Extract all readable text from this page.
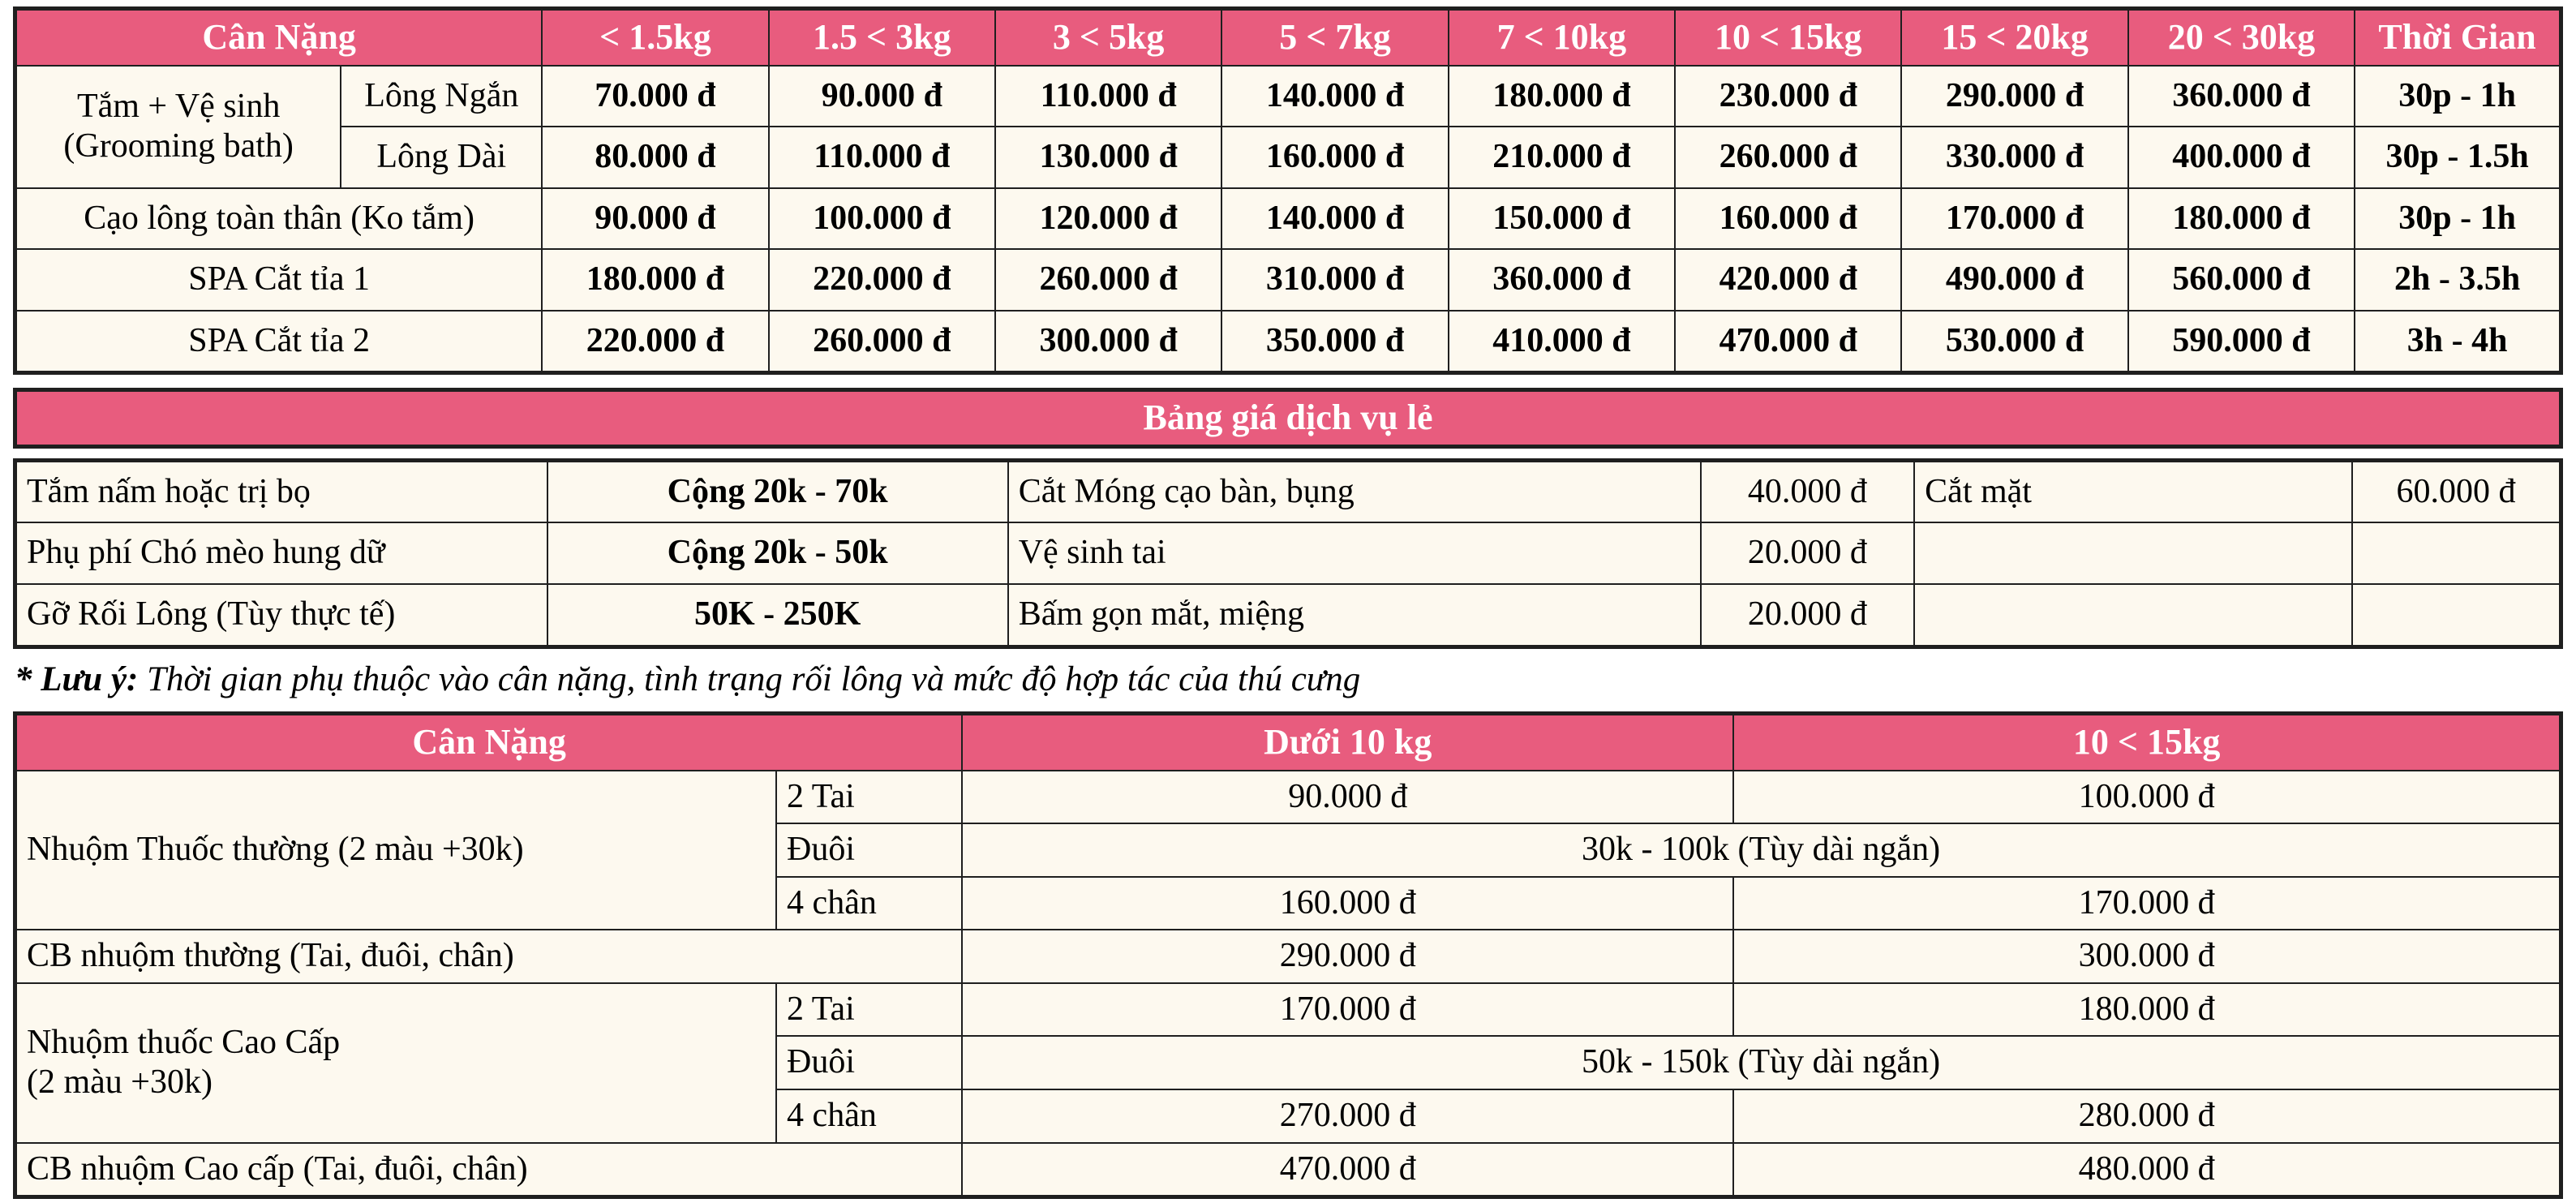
Cân Nặng		< 1.5kg	1.5 < 3kg	3 < 5kg	5 < 7kg	7 < 10kg	10 < 15kg	15 < 20kg	20 < 30kg	Thời Gian
Tắm + Vệ sinh
(Grooming bath)	Lông Ngắn	70.000 đ	90.000 đ	110.000 đ	140.000 đ	180.000 đ	230.000 đ	290.000 đ	360.000 đ	30p - 1h
	Lông Dài	80.000 đ	110.000 đ	130.000 đ	160.000 đ	210.000 đ	260.000 đ	330.000 đ	400.000 đ	30p - 1.5h
Cạo lông toàn thân (Ko tắm)		90.000 đ	100.000 đ	120.000 đ	140.000 đ	150.000 đ	160.000 đ	170.000 đ	180.000 đ	30p - 1h
SPA Cắt tỉa 1		180.000 đ	220.000 đ	260.000 đ	310.000 đ	360.000 đ	420.000 đ	490.000 đ	560.000 đ	2h - 3.5h
SPA Cắt tỉa 2		220.000 đ	260.000 đ	300.000 đ	350.000 đ	410.000 đ	470.000 đ	530.000 đ	590.000 đ	3h - 4h
Bảng giá dịch vụ lẻ
Tắm nấm hoặc trị bọ	Cộng 20k - 70k	Cắt Móng cạo bàn, bụng	40.000 đ	Cắt mặt	60.000 đ
Phụ phí Chó mèo hung dữ	Cộng 20k - 50k	Vệ sinh tai	20.000 đ		
Gỡ Rối Lông (Tùy thực tế)	50K - 250K	Bấm gọn mắt, miệng	20.000 đ		
* Lưu ý: Thời gian phụ thuộc vào cân nặng, tình trạng rối lông và mức độ hợp tác của thú cưng
Cân Nặng		Dưới 10 kg	10 < 15kg
Nhuộm Thuốc thường (2 màu +30k)	2 Tai	90.000 đ	100.000 đ
	Đuôi	30k - 100k (Tùy dài ngắn)	
	4 chân	160.000 đ	170.000 đ
CB nhuộm thường (Tai, đuôi, chân)		290.000 đ	300.000 đ
Nhuộm thuốc Cao Cấp
(2 màu +30k)	2 Tai	170.000 đ	180.000 đ
	Đuôi	50k - 150k (Tùy dài ngắn)	
	4 chân	270.000 đ	280.000 đ
CB nhuộm Cao cấp (Tai, đuôi, chân)		470.000 đ	480.000 đ
